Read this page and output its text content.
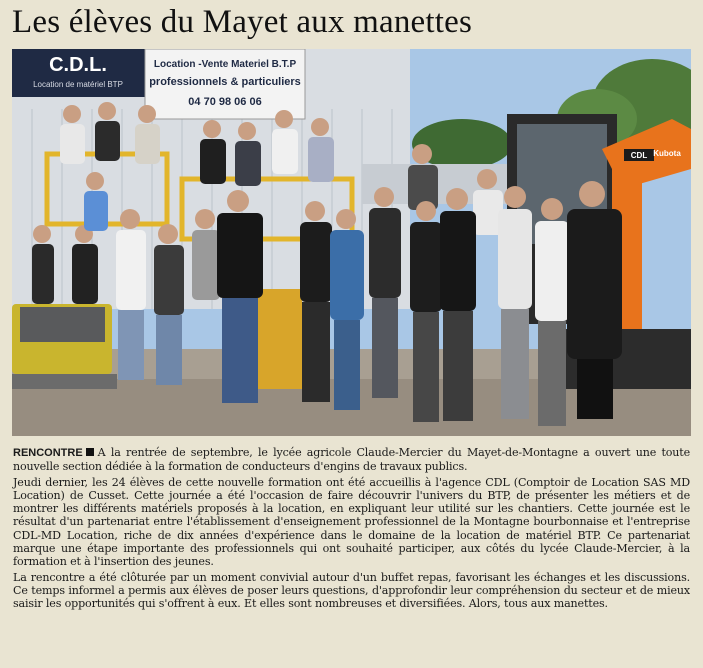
Les élèves du Mayet aux manettes
C.D.L.
Location de matériel BTP
Location -Vente Materiel B.T.P
professionnels & particuliers
04 70 98 06 06
CDL Kubota

RENCONTRE A la rentrée de septembre, le lycée agricole Claude-Mercier du Mayet-de-Montagne a ouvert une toute nouvelle section dédiée à la formation de conducteurs d'engins de travaux publics.

Jeudi dernier, les 24 élèves de cette nouvelle formation ont été accueillis à l'agence CDL (Comptoir de Location SAS MD Location) de Cusset. Cette journée a été l'occasion de faire découvrir l'univers du BTP, de présenter les métiers et de montrer les différents matériels proposés à la location, en expliquant leur utilité sur les chantiers. Cette journée est le résultat d'un partenariat entre l'établissement d'enseignement professionnel de la Montagne bourbonnaise et l'entreprise CDL-MD Location, riche de dix années d'expérience dans le domaine de la location de matériel BTP. Ce partenariat marque une étape importante des professionnels qui ont souhaité participer, aux côtés du lycée Claude-Mercier, à la formation et à l'insertion des jeunes.

La rencontre a été clôturée par un moment convivial autour d'un buffet repas, favorisant les échanges et les discussions. Ce temps informel a permis aux élèves de poser leurs questions, d'approfondir leur compréhension du secteur et de mieux saisir les opportunités qui s'offrent à eux. Et elles sont nombreuses et diversifiées. Alors, tous aux manettes.
